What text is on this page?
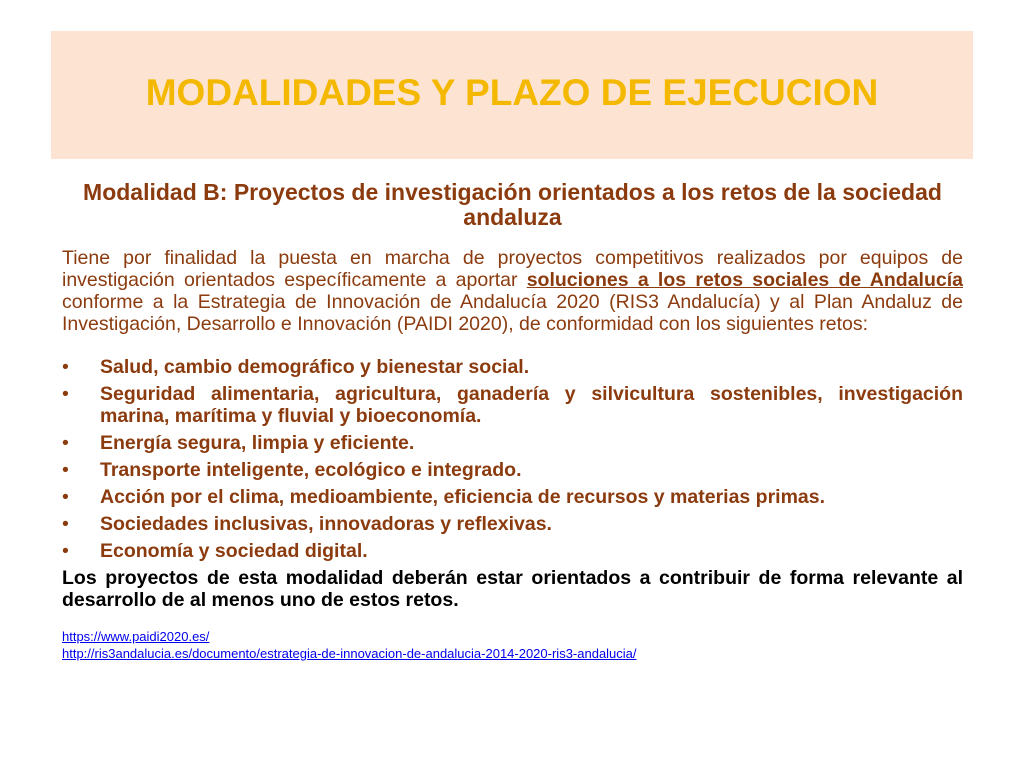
MODALIDADES Y PLAZO DE EJECUCION
Modalidad B: Proyectos de investigación orientados a los retos de la sociedad andaluza

Tiene por finalidad la puesta en marcha de proyectos competitivos realizados por equipos de investigación orientados específicamente a aportar soluciones a los retos sociales de Andalucía conforme a la Estrategia de Innovación de Andalucía 2020 (RIS3 Andalucía) y al Plan Andaluz de Investigación, Desarrollo e Innovación (PAIDI 2020), de conformidad con los siguientes retos:

• Salud, cambio demográfico y bienestar social.
• Seguridad alimentaria, agricultura, ganadería y silvicultura sostenibles, investigación marina, marítima y fluvial y bioeconomía.
• Energía segura, limpia y eficiente.
• Transporte inteligente, ecológico e integrado.
• Acción por el clima, medioambiente, eficiencia de recursos y materias primas.
• Sociedades inclusivas, innovadoras y reflexivas.
• Economía y sociedad digital.

Los proyectos de esta modalidad deberán estar orientados a contribuir de forma relevante al desarrollo de al menos uno de estos retos.

https://www.paidi2020.es/
http://ris3andalucia.es/documento/estrategia-de-innovacion-de-andalucia-2014-2020-ris3-andalucia/
